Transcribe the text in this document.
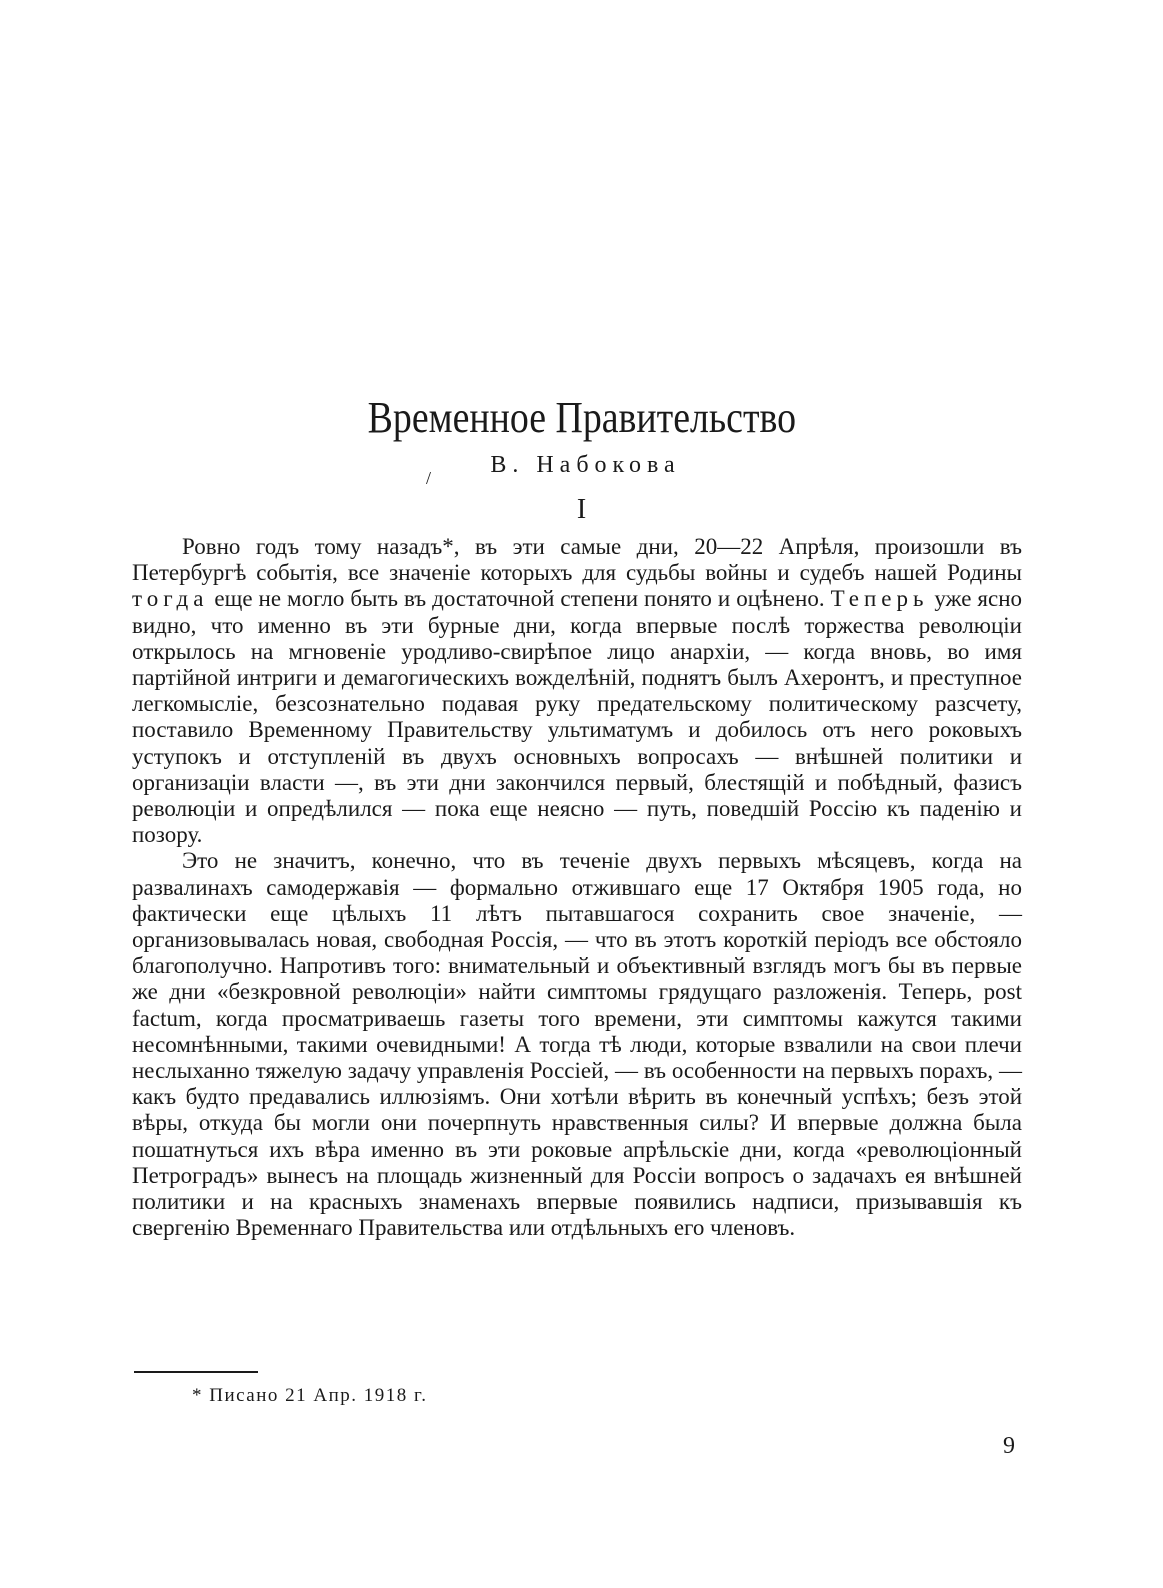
Временное Правительство
/	В. Набокова
I

Ровно годъ тому назадъ*, въ эти самые дни, 20—22 Апрѣля, произошли въ Петербургѣ событія, все значеніе которыхъ для судьбы войны и судебъ нашей Родины тогда еще не могло быть въ достаточной степени понято и оцѣнено. Теперь уже ясно видно, что именно въ эти бурные дни, когда впервые послѣ торжества революціи открылось на мгновеніе уродливо-свирѣпое лицо анархіи, — когда вновь, во имя партійной интриги и демагогическихъ вожделѣній, поднятъ былъ Ахеронтъ, и преступное легкомысліе, безсознательно подавая руку предательскому политическому разсчету, поставило Временному Правительству ультиматумъ и добилось отъ него роковыхъ уступокъ и отступленій въ двухъ основныхъ вопросахъ — внѣшней политики и организаціи власти —, въ эти дни закончился первый, блестящій и побѣдный, фазисъ революціи и опредѣлился — пока еще неясно — путь, поведшій Россію къ паденію и позору.

Это не значитъ, конечно, что въ теченіе двухъ первыхъ мѣсяцевъ, когда на развалинахъ самодержавія — формально отжившаго еще 17 Октября 1905 года, но фактически еще цѣлыхъ 11 лѣтъ пытавшагося сохранить свое значеніе, — организовывалась новая, свободная Россія, — что въ этотъ короткій періодъ все обстояло благополучно. Напротивъ того: внимательный и объективный взглядъ могъ бы въ первые же дни «безкровной революціи» найти симптомы грядущаго разложенія. Теперь, post factum, когда просматриваешь газеты того времени, эти симптомы кажутся такими несомнѣнными, такими очевидными! А тогда тѣ люди, которые взвалили на свои плечи неслыханно тяжелую задачу управленія Россіей, — въ особенности на первыхъ порахъ, — какъ будто предавались иллюзіямъ. Они хотѣли вѣрить въ конечный успѣхъ; безъ этой вѣры, откуда бы могли они почерпнуть нравственныя силы? И впервые должна была пошатнуться ихъ вѣра именно въ эти роковые апрѣльскіе дни, когда «революціонный Петроградъ» вынесъ на площадь жизненный для Россіи вопросъ о задачахъ ея внѣшней политики и на красныхъ знаменахъ впервые появились надписи, призывавшія къ свергенію Временнаго Правительства или отдѣльныхъ его членовъ.

* Писано 21 Апр. 1918 г.
9
